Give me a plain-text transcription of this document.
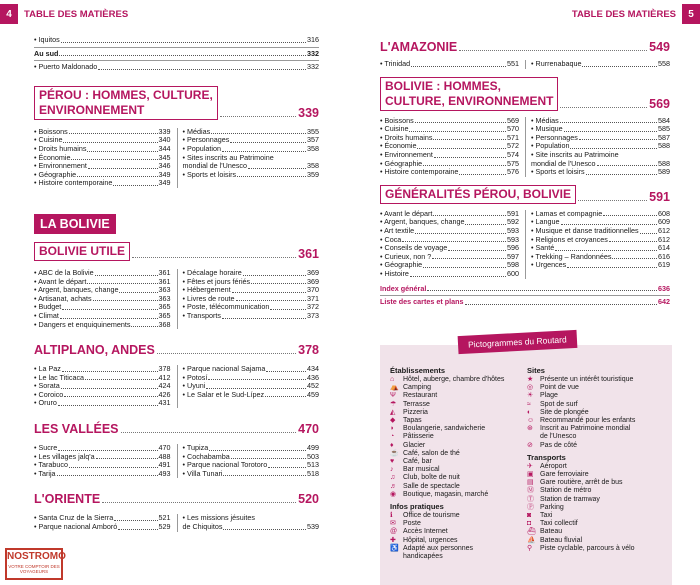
4	TABLE DES MATIÈRES	TABLE DES MATIÈRES	5
• Iquitos	316
Au sud	332
• Puerto Maldonado	332
PÉROU : HOMMES, CULTURE,
ENVIRONNEMENT	339
• Boissons	339
• Cuisine	340
• Droits humains	344
• Économie	345
• Environnement	346
• Géographie	349
• Histoire contemporaine	349
• Médias	355
• Personnages	357
• Population	358
• Sites inscrits au Patrimoine
mondial de l'Unesco	358
• Sports et loisirs	359
LA BOLIVIE
BOLIVIE UTILE	361
• ABC de la Bolivie	361
• Avant le départ	361
• Argent, banques, change	363
• Artisanat, achats	363
• Budget	365
• Climat	365
• Dangers et enquiquinements	368
• Décalage horaire	369
• Fêtes et jours fériés	369
• Hébergement	370
• Livres de route	371
• Poste, télécommunication	372
• Transports	373
ALTIPLANO, ANDES	378
• La Paz	378
• Le lac Titicaca	412
• Sorata	424
• Coroico	426
• Oruro	431
• Parque nacional Sajama	434
• Potosí	436
• Uyuni	452
• Le Salar et le Sud-Lípez	459
LES VALLÉES	470
• Sucre	470
• Les villages jalq'a	488
• Tarabuco	491
• Tarija	493
• Tupiza	499
• Cochabamba	503
• Parque nacional Torotoro	513
• Villa Tunari	518
L'ORIENTE	520
• Santa Cruz de la Sierra	521
• Parque nacional Amboró	529
• Les missions jésuites
de Chiquitos	539
L'AMAZONIE	549
• Trinidad	551 • Rurrenabaque	558
BOLIVIE : HOMMES,
CULTURE, ENVIRONNEMENT	569
• Boissons	569
• Cuisine	570
• Droits humains	571
• Économie	572
• Environnement	574
• Géographie	575
• Histoire contemporaine	576
• Médias	584
• Musique	585
• Personnages	587
• Population	588
• Site inscrits au Patrimoine
mondial de l'Unesco	588
• Sports et loisirs	589
GÉNÉRALITÉS PÉROU, BOLIVIE	591
• Avant le départ	591
• Argent, banques, change	592
• Art textile	593
• Coca	593
• Conseils de voyage	596
• Curieux, non ?	597
• Géographie	598
• Histoire	600
• Lamas et compagnie	608
• Langue	609
• Musique et danse traditionnelles	612
• Religions et croyances	612
• Santé	614
• Trekking – Randonnées	616
• Urgences	619
Index général	636
Liste des cartes et plans	642
Pictogrammes du Routard
Établissements
⌂	Hôtel, auberge, chambre d'hôtes
⛺ Camping
Ψ	Restaurant
☂ Terrasse
◭	Pizzeria
◆	Tapas
◗	Boulangerie, sandwicherie
◔	Pâtisserie
♦	Glacier
☕ Café, salon de thé
♥	Café, bar
♪	Bar musical
♫	Club, boîte de nuit
♬ Salle de spectacle
◉ Boutique, magasin, marché
Infos pratiques
ℹ	Office de tourisme
✉	Poste
@ Accès Internet
✚	Hôpital, urgences
♿ Adapté aux personnes
handicapées
Sites
★ Présente un intérêt touristique
◎ Point de vue
☀ Plage
≈	Spot de surf
◐	Site de plongée
☺ Recommandé pour les enfants
⊛	Inscrit au Patrimoine mondial
de l'Unesco
⊘	Pas de côté
Transports
✈	Aéroport
▣ Gare ferroviaire
▤ Gare routière, arrêt de bus
Ⓜ Station de métro
Ⓣ Station de tramway
Ⓟ Parking
◙	Taxi
◘	Taxi collectif
⛴ Bateau
⛵ Bateau fluvial
⚲	Piste cyclable, parcours à vélo
NOSTROMO
VOTRE COMPTOIR DES VOYAGEURS
